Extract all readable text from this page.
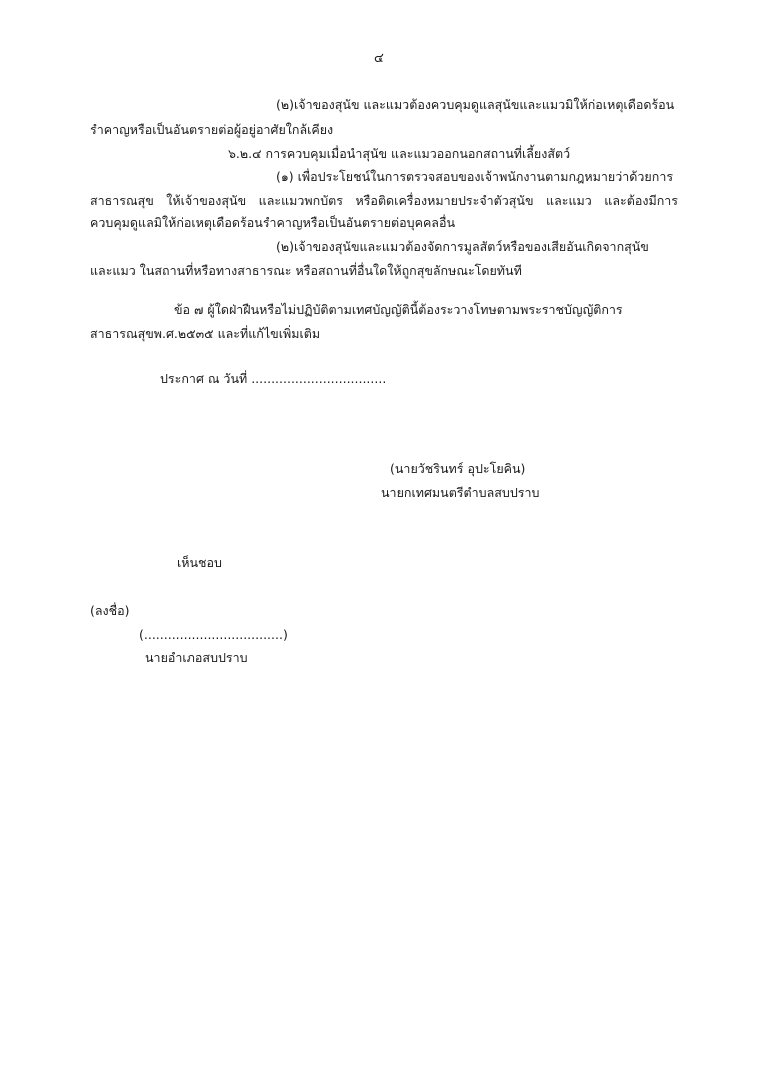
๔
(๒)เจ้าของสุนัข และแมวต้องควบคุมดูแลสุนัขและแมวมิให้ก่อเหตุเดือดร้อน
รำคาญหรือเป็นอันตรายต่อผู้อยู่อาศัยใกล้เคียง
๖.๒.๔ การควบคุมเมื่อนำสุนัข และแมวออกนอกสถานที่เลี้ยงสัตว์
(๑) เพื่อประโยชน์ในการตรวจสอบของเจ้าพนักงานตามกฎหมายว่าด้วยการ
สาธารณสุข ให้เจ้าของสุนัข และแมวพกบัตร หรือติดเครื่องหมายประจำตัวสุนัข และแมว และต้องมีการ
ควบคุมดูแลมิให้ก่อเหตุเดือดร้อนรำคาญหรือเป็นอันตรายต่อบุคคลอื่น
(๒)เจ้าของสุนัขและแมวต้องจัดการมูลสัตว์หรือของเสียอันเกิดจากสุนัข
และแมว ในสถานที่หรือทางสาธารณะ หรือสถานที่อื่นใดให้ถูกสุขลักษณะโดยทันที
ข้อ ๗ ผู้ใดฝ่าฝืนหรือไม่ปฏิบัติตามเทศบัญญัตินี้ต้องระวางโทษตามพระราชบัญญัติการ
สาธารณสุขพ.ศ.๒๕๓๕ และที่แก้ไขเพิ่มเติม
ประกาศ ณ วันที่ ..................................
(นายวัชรินทร์ อุปะโยคิน)
นายกเทศมนตรีตำบลสบปราบ
เห็นชอบ
(ลงชื่อ)
(...................................)
นายอำเภอสบปราบ
